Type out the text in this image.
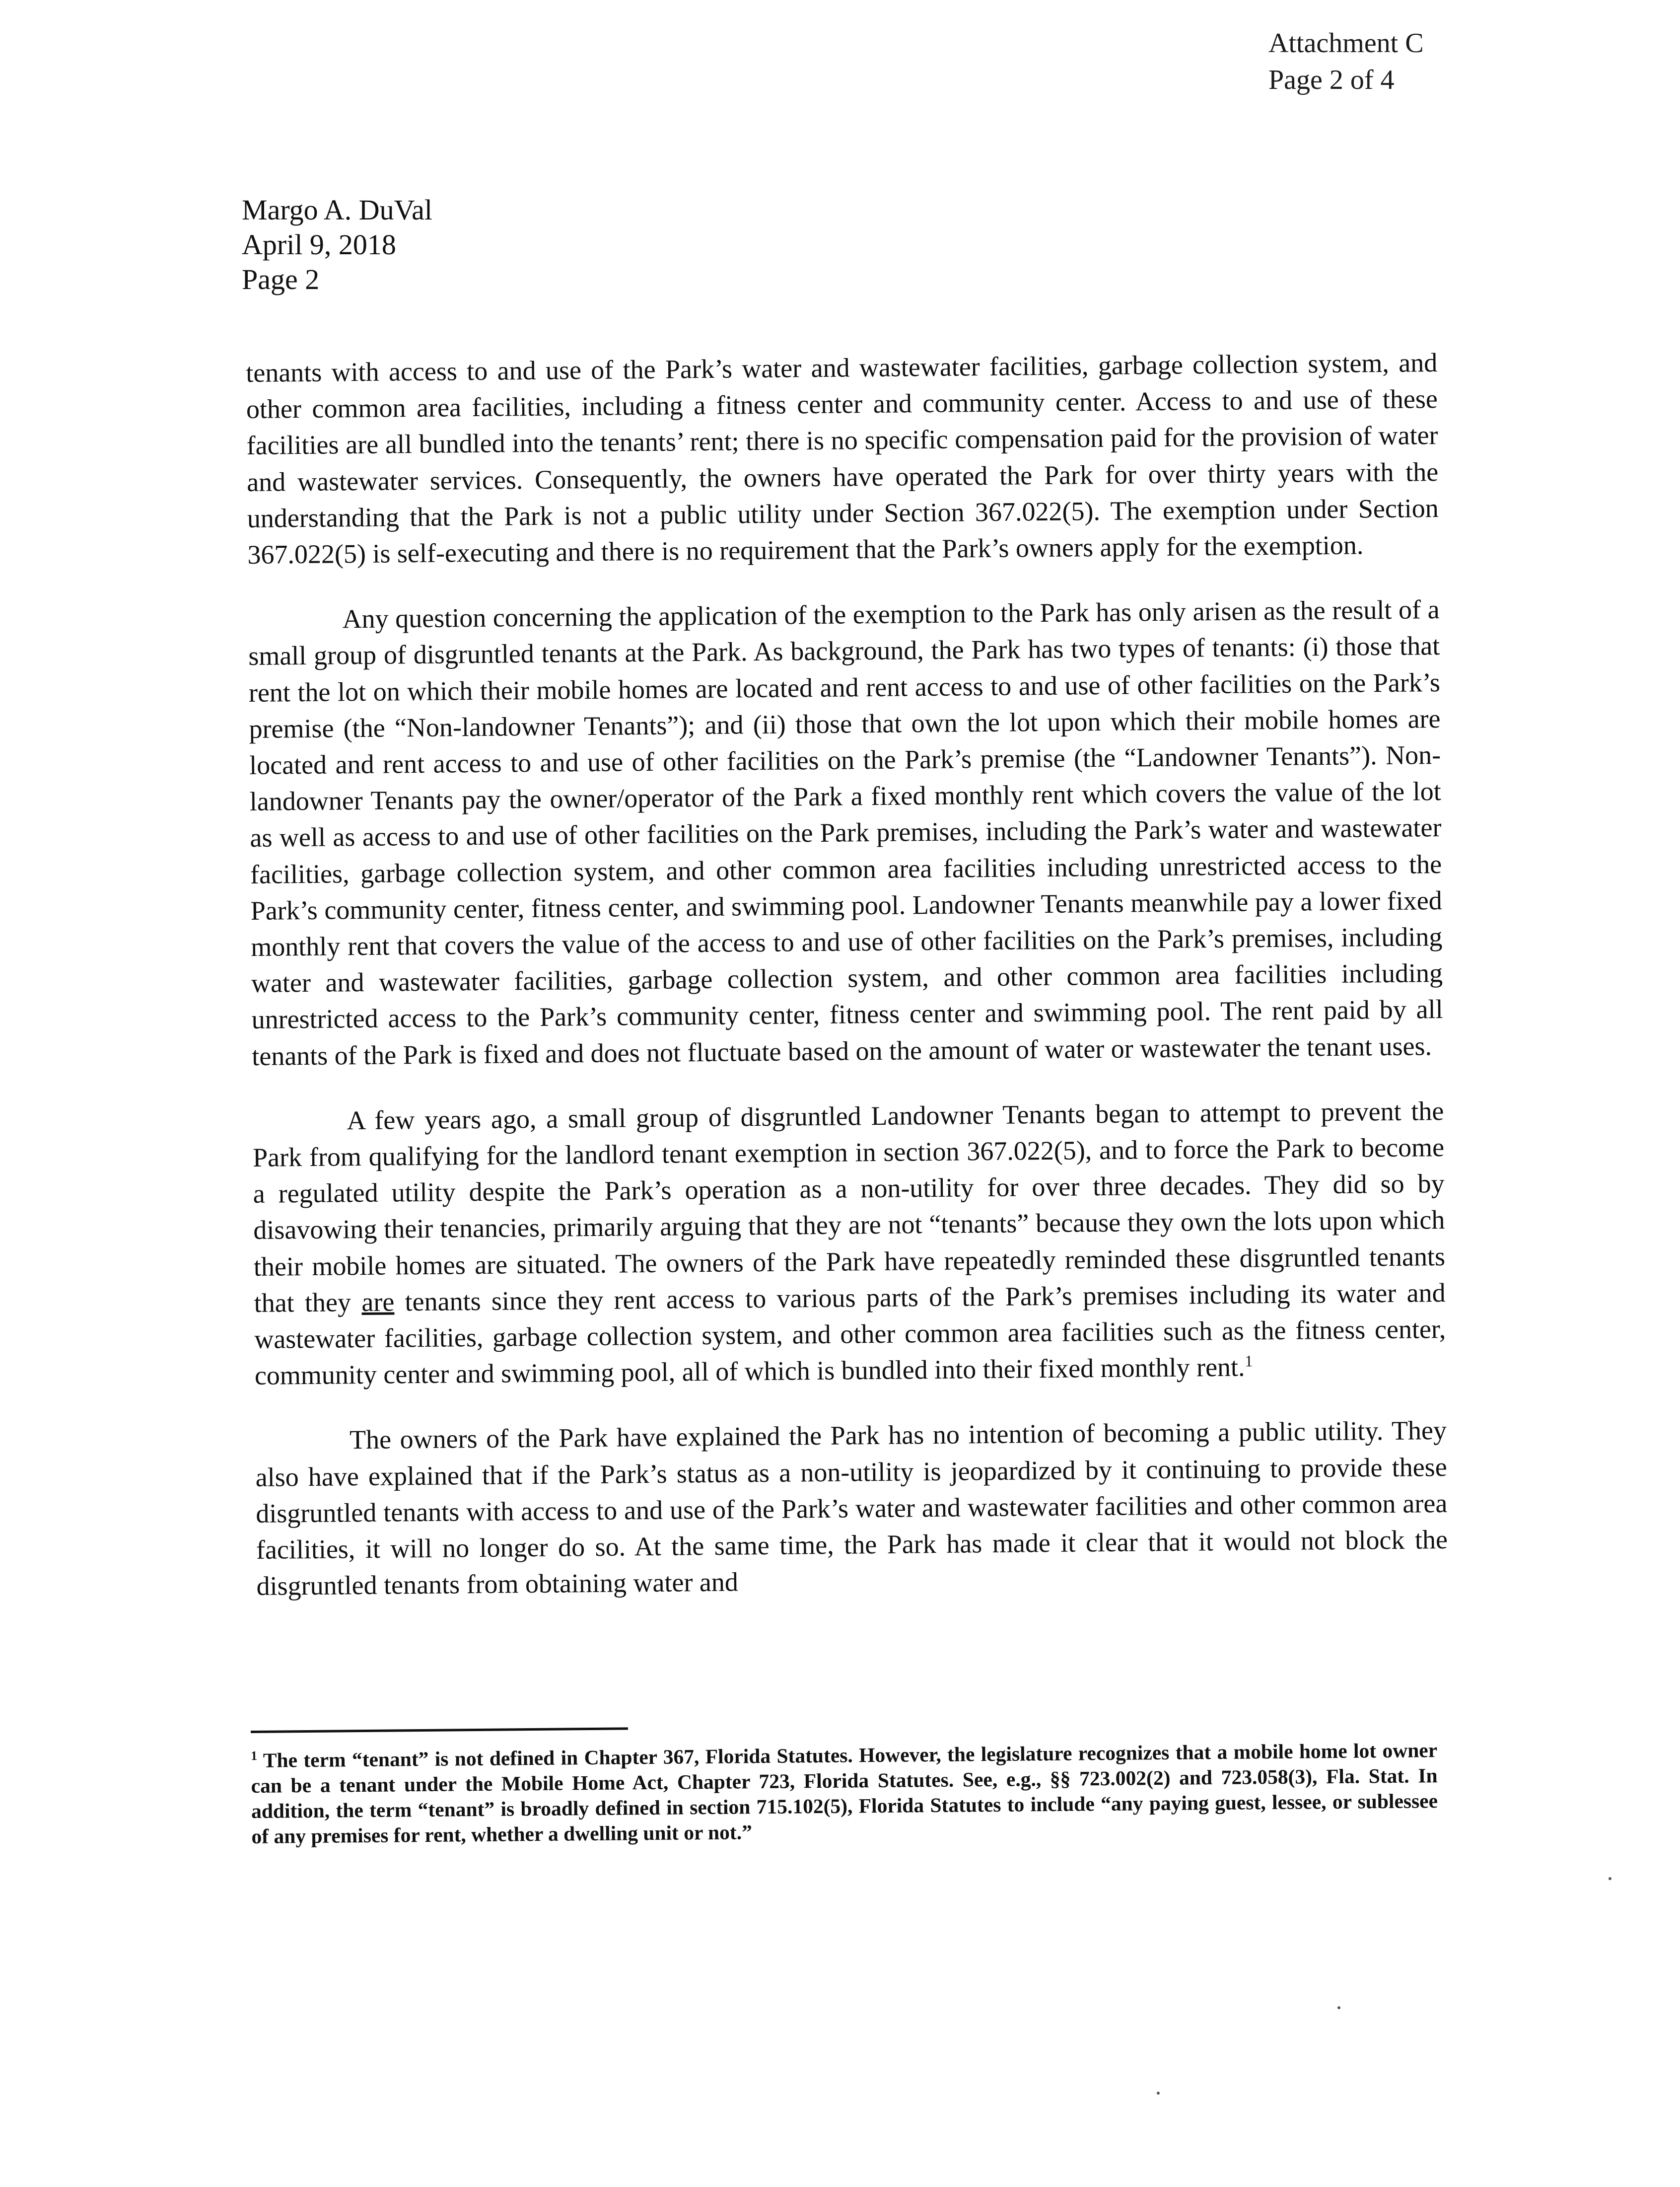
Attachment C
Page 2 of 4
Margo A. DuVal
April 9, 2018
Page 2

tenants with access to and use of the Park’s water and wastewater facilities, garbage collection system, and other common area facilities, including a fitness center and community center. Access to and use of these facilities are all bundled into the tenants’ rent; there is no specific compensation paid for the provision of water and wastewater services. Consequently, the owners have operated the Park for over thirty years with the understanding that the Park is not a public utility under Section 367.022(5). The exemption under Section 367.022(5) is self-executing and there is no requirement that the Park’s owners apply for the exemption.

Any question concerning the application of the exemption to the Park has only arisen as the result of a small group of disgruntled tenants at the Park. As background, the Park has two types of tenants: (i) those that rent the lot on which their mobile homes are located and rent access to and use of other facilities on the Park’s premise (the “Non-landowner Tenants”); and (ii) those that own the lot upon which their mobile homes are located and rent access to and use of other facilities on the Park’s premise (the “Landowner Tenants”). Non-landowner Tenants pay the owner/operator of the Park a fixed monthly rent which covers the value of the lot as well as access to and use of other facilities on the Park premises, including the Park’s water and wastewater facilities, garbage collection system, and other common area facilities including unrestricted access to the Park’s community center, fitness center, and swimming pool. Landowner Tenants meanwhile pay a lower fixed monthly rent that covers the value of the access to and use of other facilities on the Park’s premises, including water and wastewater facilities, garbage collection system, and other common area facilities including unrestricted access to the Park’s community center, fitness center and swimming pool. The rent paid by all tenants of the Park is fixed and does not fluctuate based on the amount of water or wastewater the tenant uses.

A few years ago, a small group of disgruntled Landowner Tenants began to attempt to prevent the Park from qualifying for the landlord tenant exemption in section 367.022(5), and to force the Park to become a regulated utility despite the Park’s operation as a non-utility for over three decades. They did so by disavowing their tenancies, primarily arguing that they are not “tenants” because they own the lots upon which their mobile homes are situated. The owners of the Park have repeatedly reminded these disgruntled tenants that they are tenants since they rent access to various parts of the Park’s premises including its water and wastewater facilities, garbage collection system, and other common area facilities such as the fitness center, community center and swimming pool, all of which is bundled into their fixed monthly rent.$^1$

The owners of the Park have explained the Park has no intention of becoming a public utility. They also have explained that if the Park’s status as a non-utility is jeopardized by it continuing to provide these disgruntled tenants with access to and use of the Park’s water and wastewater facilities and other common area facilities, it will no longer do so. At the same time, the Park has made it clear that it would not block the disgruntled tenants from obtaining water and

$^1$ The term “tenant” is not defined in Chapter 367, Florida Statutes. However, the legislature recognizes that a mobile home lot owner can be a tenant under the Mobile Home Act, Chapter 723, Florida Statutes. See, e.g., §§ 723.002(2) and 723.058(3), Fla. Stat. In addition, the term “tenant” is broadly defined in section 715.102(5), Florida Statutes to include “any paying guest, lessee, or sublessee of any premises for rent, whether a dwelling unit or not.”
